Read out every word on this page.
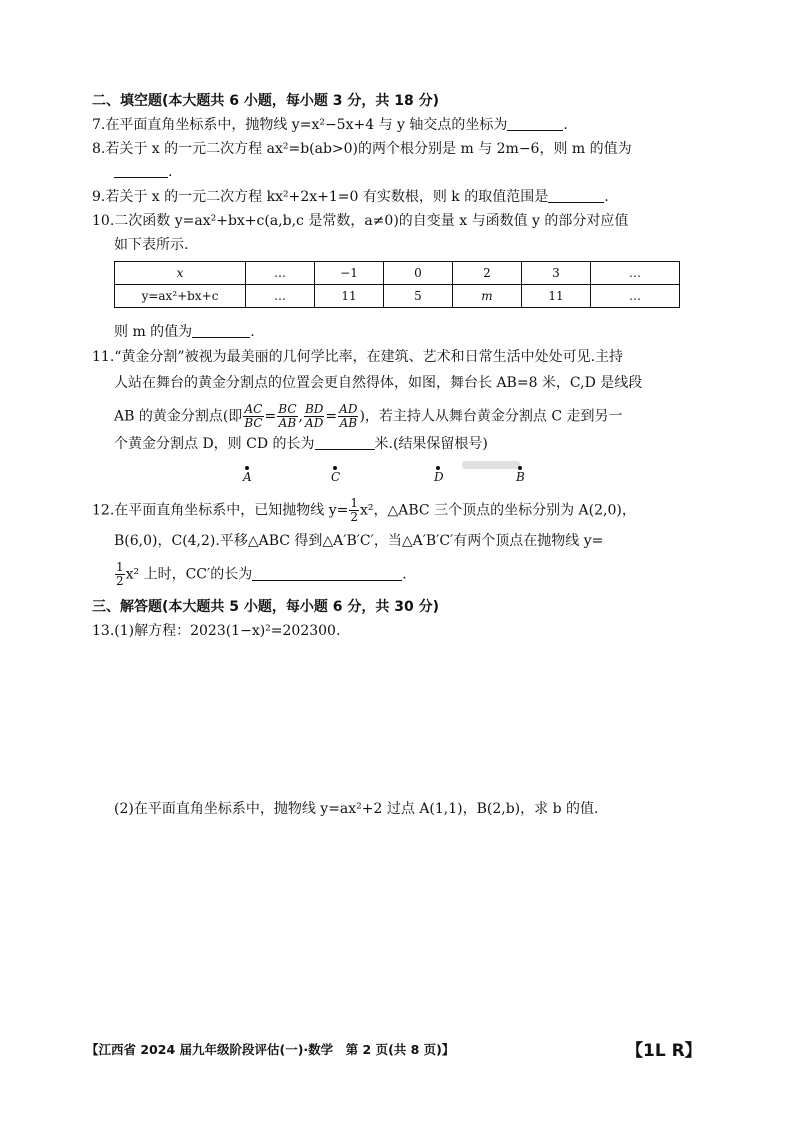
二、填空题(本大题共 6 小题，每小题 3 分，共 18 分)
7.在平面直角坐标系中，抛物线 y=x²−5x+4 与 y 轴交点的坐标为	.
8.若关于 x 的一元二次方程 ax²=b(ab>0)的两个根分别是 m 与 2m−6，则 m 的值为
.
9.若关于 x 的一元二次方程 kx²+2x+1=0 有实数根，则 k 的取值范围是	.
10.二次函数 y=ax²+bx+c(a,b,c 是常数，a≠0)的自变量 x 与函数值 y 的部分对应值
如下表所示.
x	…	−1	0	2	3	…
y=ax²+bx+c	…	11	5	m	11	…
则 m 的值为	.
11.“黄金分割”被视为最美丽的几何学比率，在建筑、艺术和日常生活中处处可见.主持
人站在舞台的黄金分割点的位置会更自然得体，如图，舞台长 AB=8 米，C,D 是线段
AB 的黄金分割点(即 $\frac{AC}{BC} = \frac{BC}{AB}$ , $\frac{BD}{AD} = \frac{AD}{AB}$ )，若主持人从舞台黄金分割点 C 走到另一
个黄金分割点 D，则 CD 的长为	米.(结果保留根号)
A	C	D	B
12.在平面直角坐标系中，已知抛物线 $y= \frac{1}{2} x^2$，△ABC 三个顶点的坐标分别为 A(2,0)，
B(6,0)，C(4,2).平移△ABC 得到△A′B′C′，当△A′B′C′有两个顶点在抛物线 y=
$\frac{1}{2} x^2$ 上时，CC′的长为	.
三、解答题(本大题共 5 小题，每小题 6 分，共 30 分)
13.(1)解方程：2023(1−x)²=202300.
(2)在平面直角坐标系中，抛物线 y=ax²+2 过点 A(1,1)，B(2,b)，求 b 的值.
【江西省 2024 届九年级阶段评估(一)·数学　第 2 页(共 8 页)】	【1L R】
